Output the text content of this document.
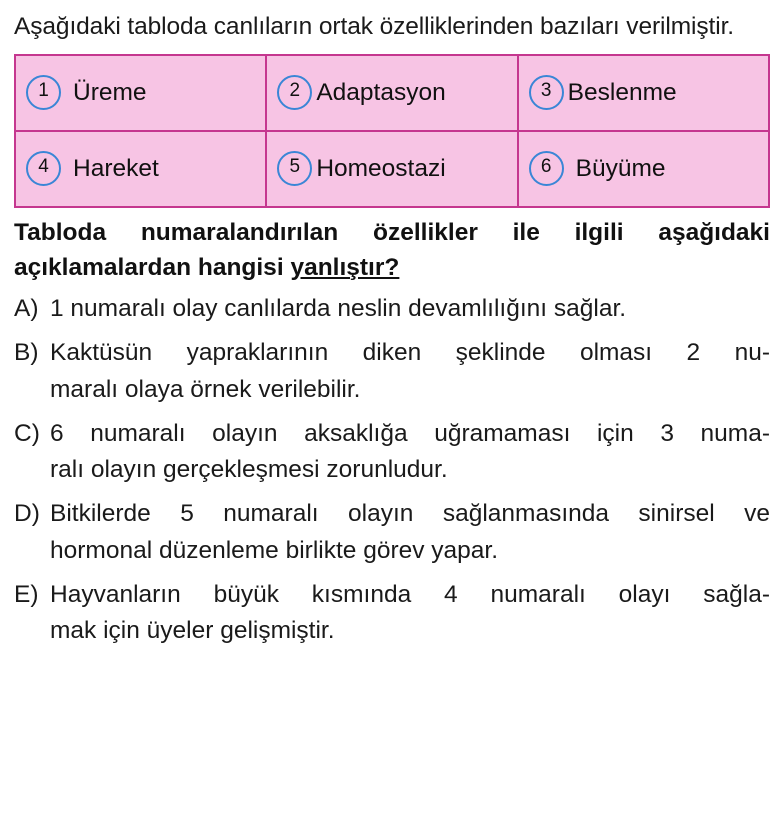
Aşağıdaki tabloda canlıların ortak özelliklerinden bazıları verilmiştir.

1 Üreme	2 Adaptasyon	3 Beslenme

4 Hareket	5 Homeostazi	6 Büyüme
Tabloda numaralandırılan özellikler ile ilgili aşağıdaki
açıklamalardan hangisi yanlıştır?
A) 1 numaralı olay canlılarda neslin devamlılığını sağlar.
B) Kaktüsün yapraklarının diken şeklinde olması 2 nu-
maralı olaya örnek verilebilir.
C) 6 numaralı olayın aksaklığa uğramaması için 3 numa-
ralı olayın gerçekleşmesi zorunludur.
D) Bitkilerde 5 numaralı olayın sağlanmasında sinirsel ve
hormonal düzenleme birlikte görev yapar.
E) Hayvanların büyük kısmında 4 numaralı olayı sağla-
mak için üyeler gelişmiştir.
